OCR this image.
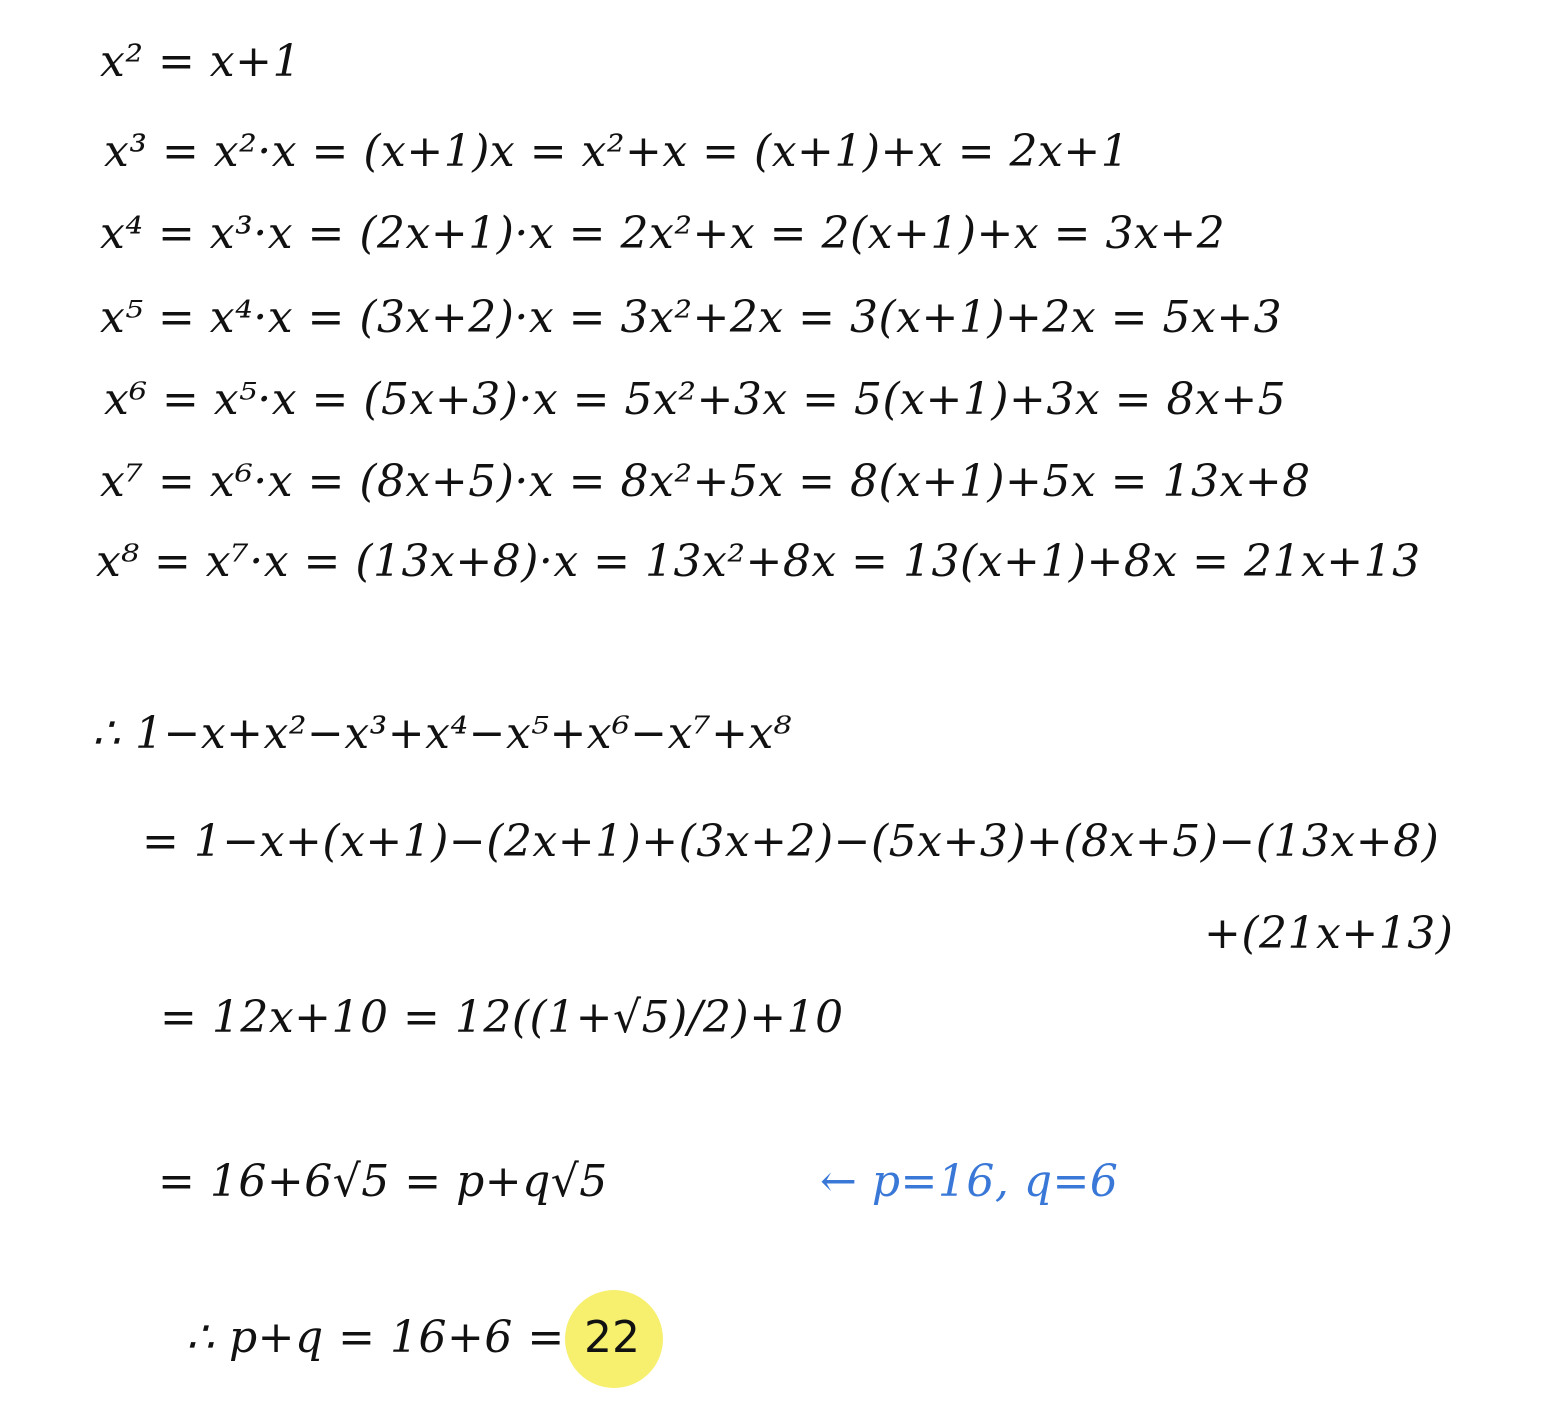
x² = x+1
x³ = x²·x = (x+1)x = x²+x = (x+1)+x = 2x+1
x⁴ = x³·x = (2x+1)·x = 2x²+x = 2(x+1)+x = 3x+2
x⁵ = x⁴·x = (3x+2)·x = 3x²+2x = 3(x+1)+2x = 5x+3
x⁶ = x⁵·x = (5x+3)·x = 5x²+3x = 5(x+1)+3x = 8x+5
x⁷ = x⁶·x = (8x+5)·x = 8x²+5x = 8(x+1)+5x = 13x+8
x⁸ = x⁷·x = (13x+8)·x = 13x²+8x = 13(x+1)+8x = 21x+13
∴ 1−x+x²−x³+x⁴−x⁵+x⁶−x⁷+x⁸
= 1−x+(x+1)−(2x+1)+(3x+2)−(5x+3)+(8x+5)−(13x+8)
+(21x+13)
= 12x+10 = 12((1+√5)/2)+10
= 16+6√5 = p+q√5	← p=16, q=6
∴ p+q = 16+6 = 22
